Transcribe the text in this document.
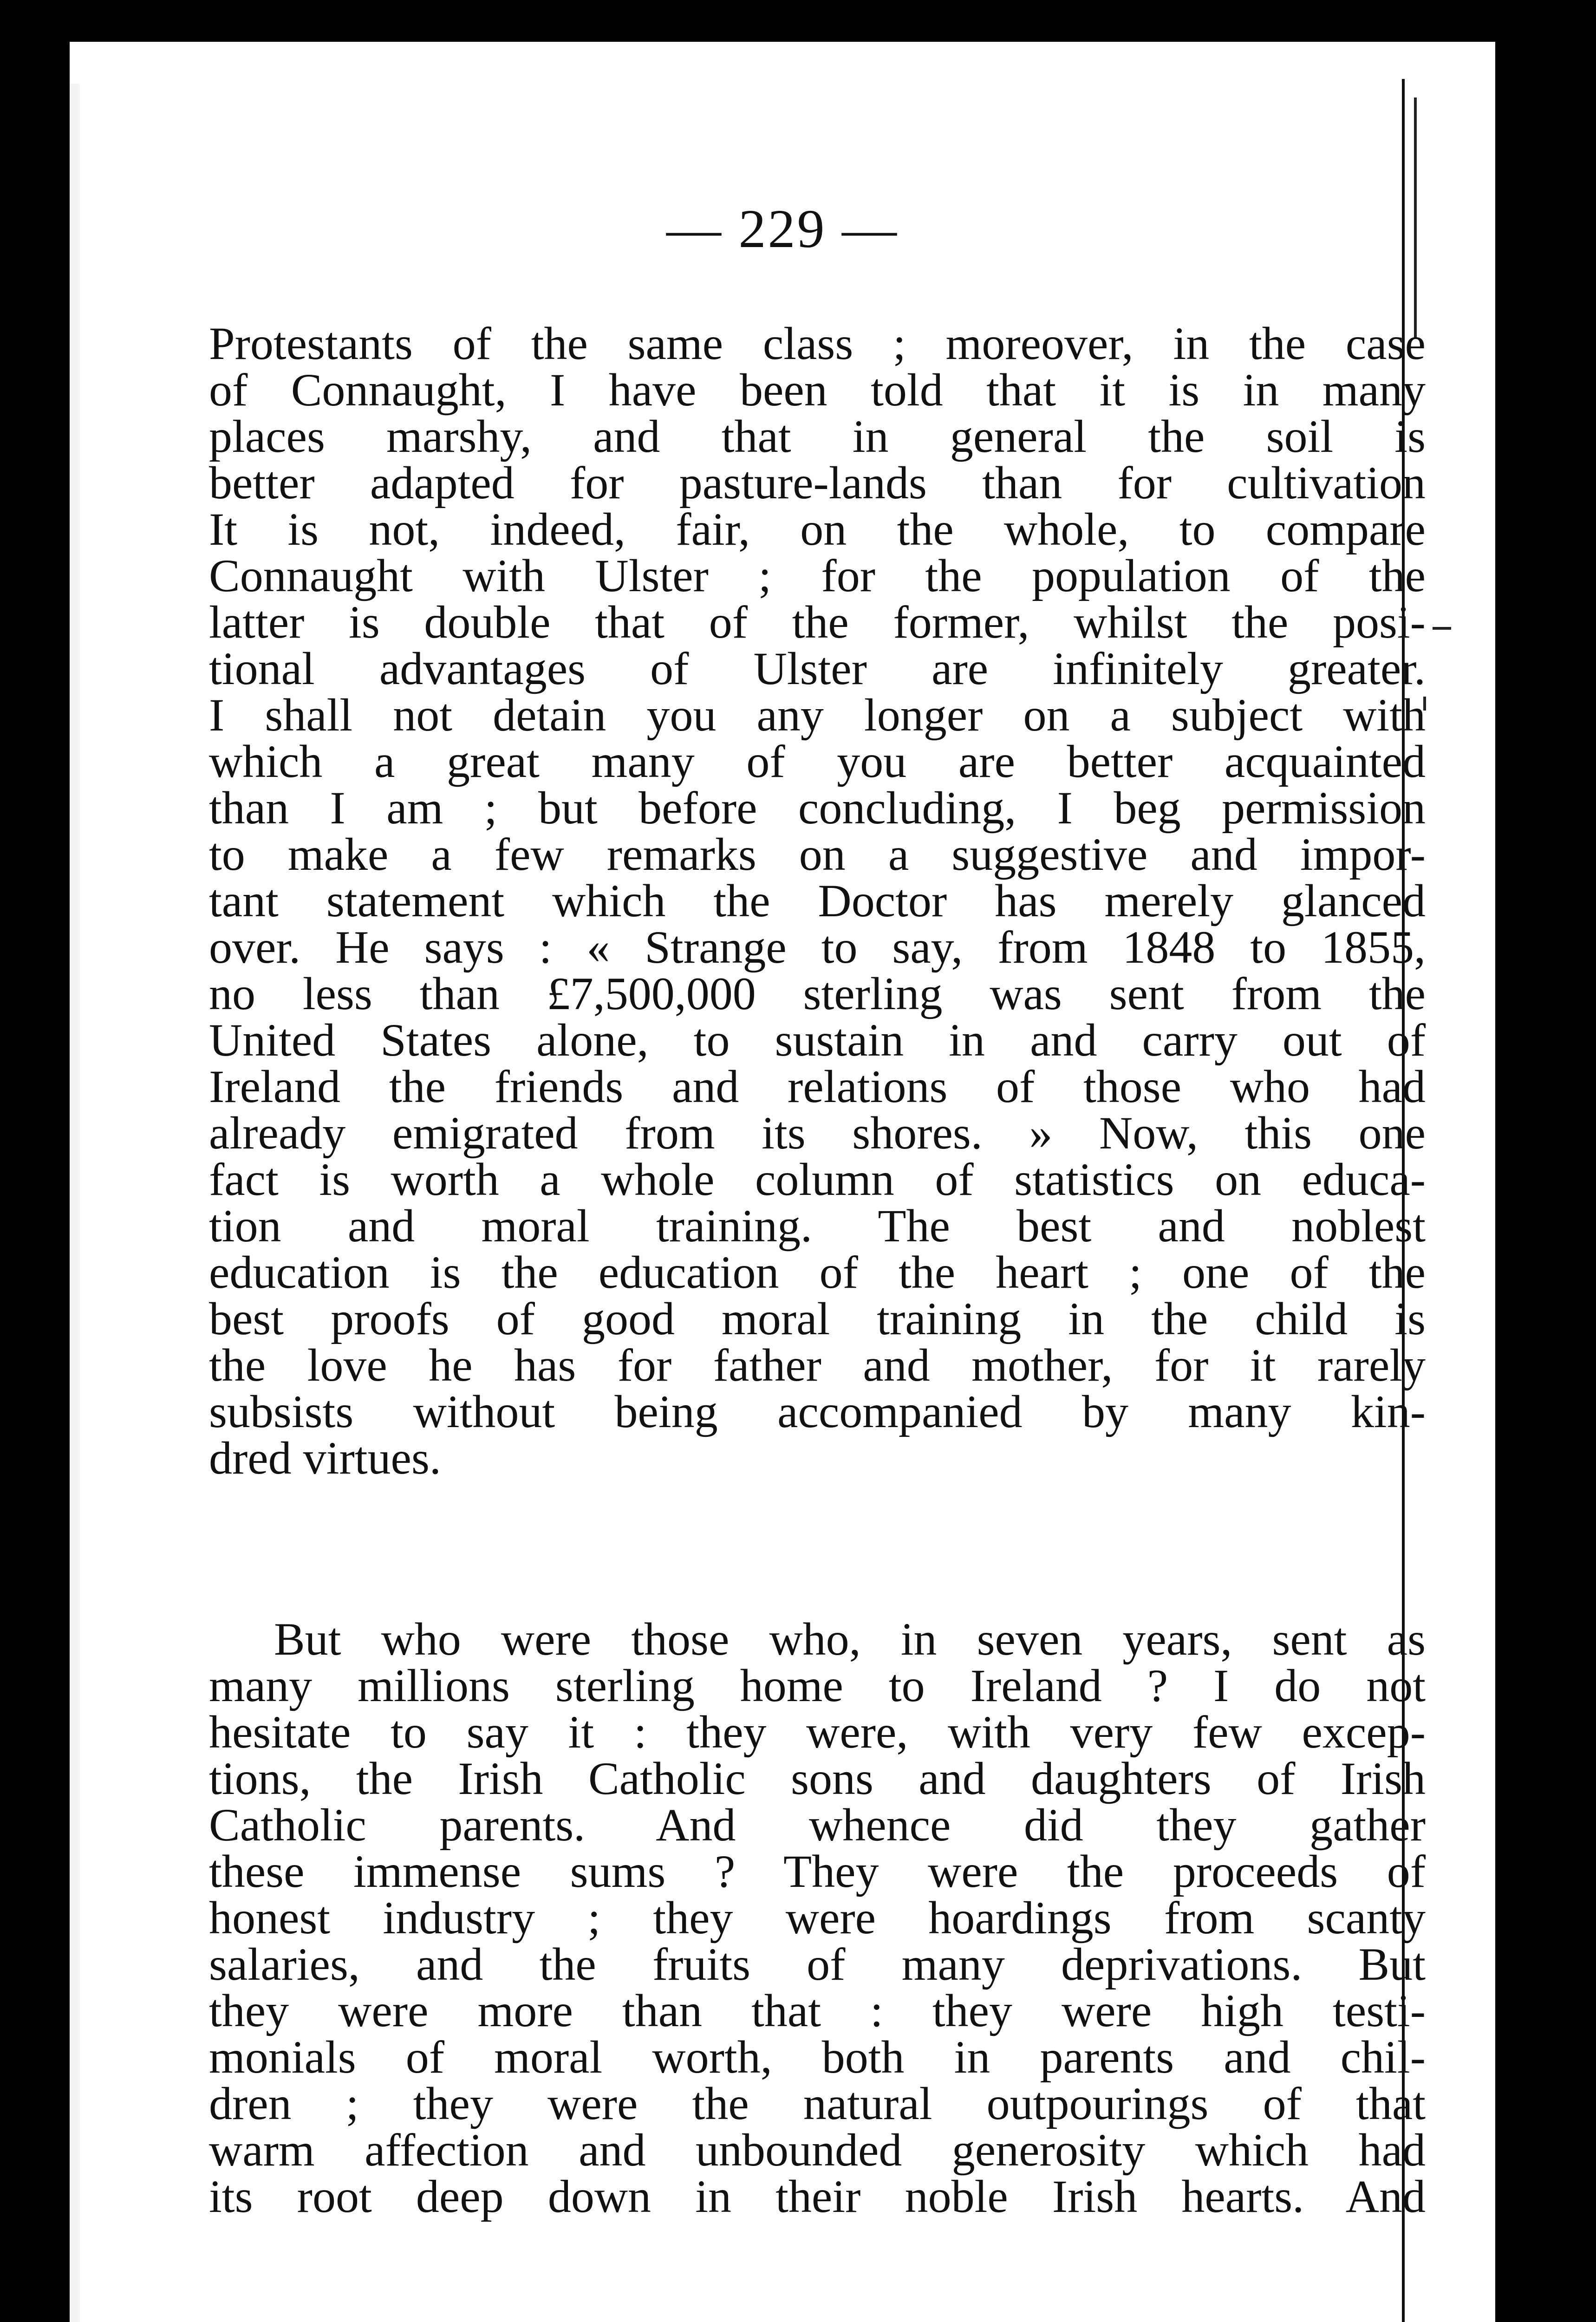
— 229 —
Protestants of the same class ; moreover, in the case
of Connaught, I have been told that it is in many
places marshy, and that in general the soil is
better adapted for pasture-lands than for cultivation
It is not, indeed, fair, on the whole, to compare
Connaught with Ulster ; for the population of the
latter is double that of the former, whilst the posi-
tional advantages of Ulster are infinitely greater.
I shall not detain you any longer on a subject with
which a great many of you are better acquainted
than I am ; but before concluding, I beg permission
to make a few remarks on a suggestive and impor-
tant statement which the Doctor has merely glanced
over. He says : « Strange to say, from 1848 to 1855,
no less than £7,500,000 sterling was sent from the
United States alone, to sustain in and carry out of
Ireland the friends and relations of those who had
already emigrated from its shores. » Now, this one
fact is worth a whole column of statistics on educa-
tion and moral training. The best and noblest
education is the education of the heart ; one of the
best proofs of good moral training in the child is
the love he has for father and mother, for it rarely
subsists without being accompanied by many kin-
dred virtues.
But who were those who, in seven years, sent as
many millions sterling home to Ireland ? I do not
hesitate to say it : they were, with very few excep-
tions, the Irish Catholic sons and daughters of Irish
Catholic parents. And whence did they gather
these immense sums ? They were the proceeds of
honest industry ; they were hoardings from scanty
salaries, and the fruits of many deprivations. But
they were more than that : they were high testi-
monials of moral worth, both in parents and chil-
dren ; they were the natural outpourings of that
warm affection and unbounded generosity which had
its root deep down in their noble Irish hearts. And
